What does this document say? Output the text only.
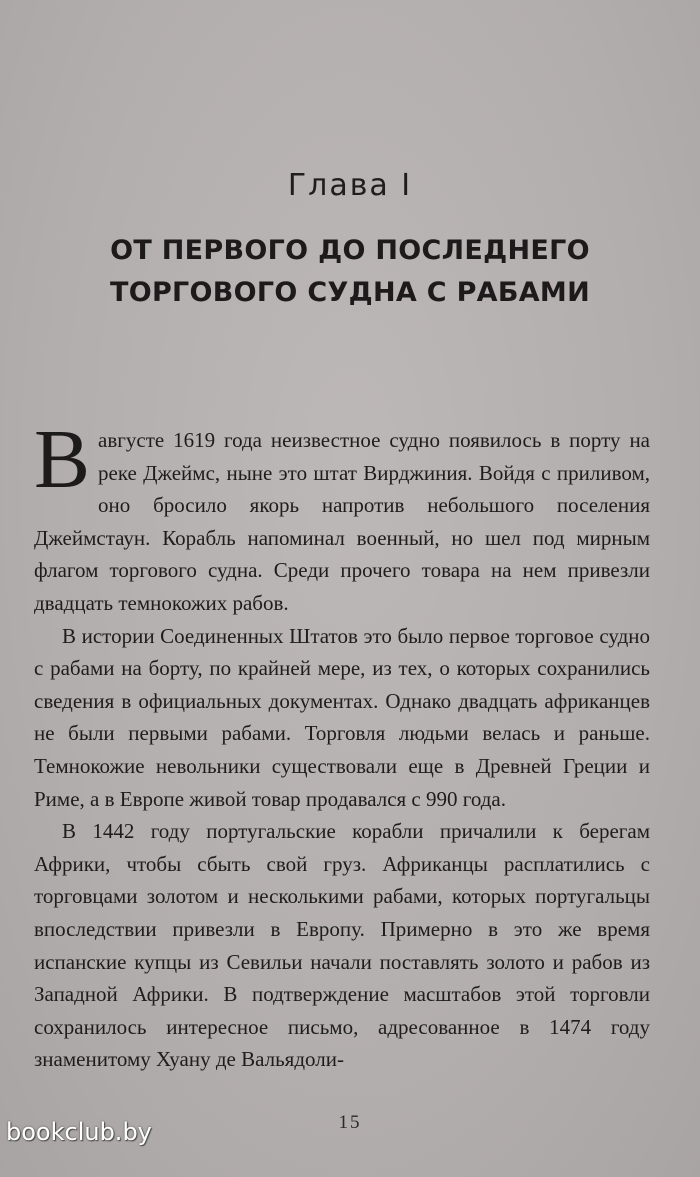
Глава I
ОТ ПЕРВОГО ДО ПОСЛЕДНЕГО
ТОРГОВОГО СУДНА С РАБАМИ

В августе 1619 года неизвестное судно появилось в порту на реке Джеймс, ныне это штат Вирджиния. Войдя с приливом, оно бросило якорь напротив небольшого поселения Джеймстаун. Корабль напоминал военный, но шел под мирным флагом торгового судна. Среди прочего товара на нем привезли двадцать темнокожих рабов.

В истории Соединенных Штатов это было первое торговое судно с рабами на борту, по крайней мере, из тех, о которых сохранились сведения в официальных документах. Однако двадцать африканцев не были первыми рабами. Торговля людьми велась и раньше. Темнокожие невольники существовали еще в Древней Греции и Риме, а в Европе живой товар продавался с 990 года.

В 1442 году португальские корабли причалили к берегам Африки, чтобы сбыть свой груз. Африканцы расплатились с торговцами золотом и несколькими рабами, которых португальцы впоследствии привезли в Европу. Примерно в это же время испанские купцы из Севильи начали поставлять золото и рабов из Западной Африки. В подтверждение масштабов этой торговли сохранилось интересное письмо, адресованное в 1474 году знаменитому Хуану де Вальядоли-

15
bookclub.by
